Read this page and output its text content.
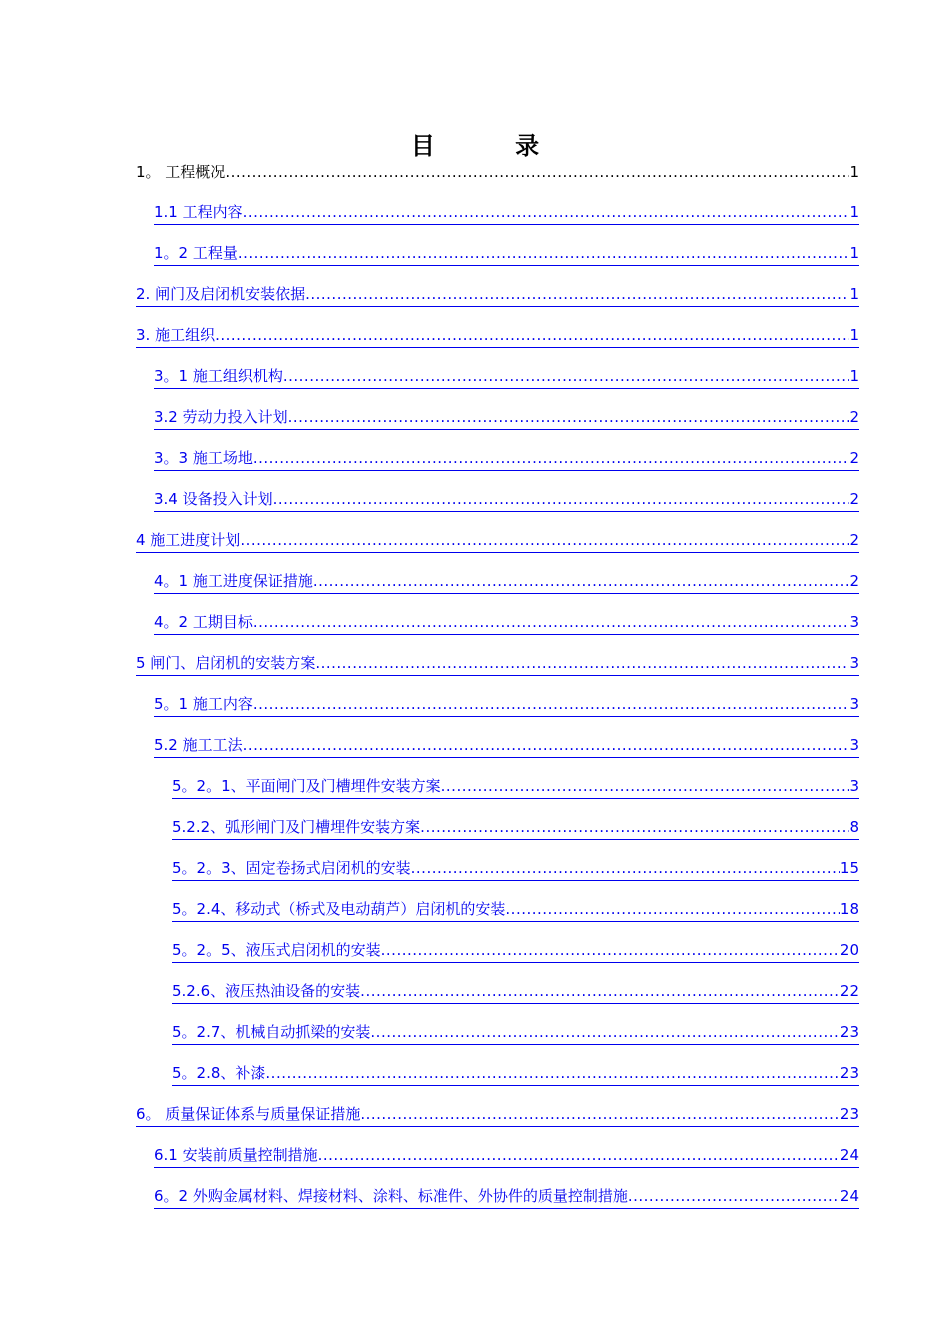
目 录
1。 工程概况 .....	1
1.1 工程内容 .....	1
1。2 工程量 .....	1
2. 闸门及启闭机安装依据 .....	1
3. 施工组织 .....	1
3。1 施工组织机构 .....	1
3.2 劳动力投入计划 .....	2
3。3 施工场地 .....	2
3.4 设备投入计划 .....	2
4 施工进度计划 .....	2
4。1 施工进度保证措施 .....	2
4。2 工期目标 .....	3
5 闸门、启闭机的安装方案 .....	3
5。1 施工内容 .....	3
5.2 施工工法 .....	3
5。2。1、平面闸门及门槽埋件安装方案 .....	3
5.2.2、弧形闸门及门槽埋件安装方案 .....	8
5。2。3、固定卷扬式启闭机的安装 .....	15
5。2.4、移动式（桥式及电动葫芦）启闭机的安装 .....	18
5。2。5、液压式启闭机的安装 .....	20
5.2.6、液压热油设备的安装 .....	22
5。2.7、机械自动抓梁的安装 .....	23
5。2.8、补漆 .....	23
6。 质量保证体系与质量保证措施 .....	23
6.1 安装前质量控制措施 .....	24
6。2 外购金属材料、焊接材料、涂料、标准件、外协件的质量控制措施 .....	24
